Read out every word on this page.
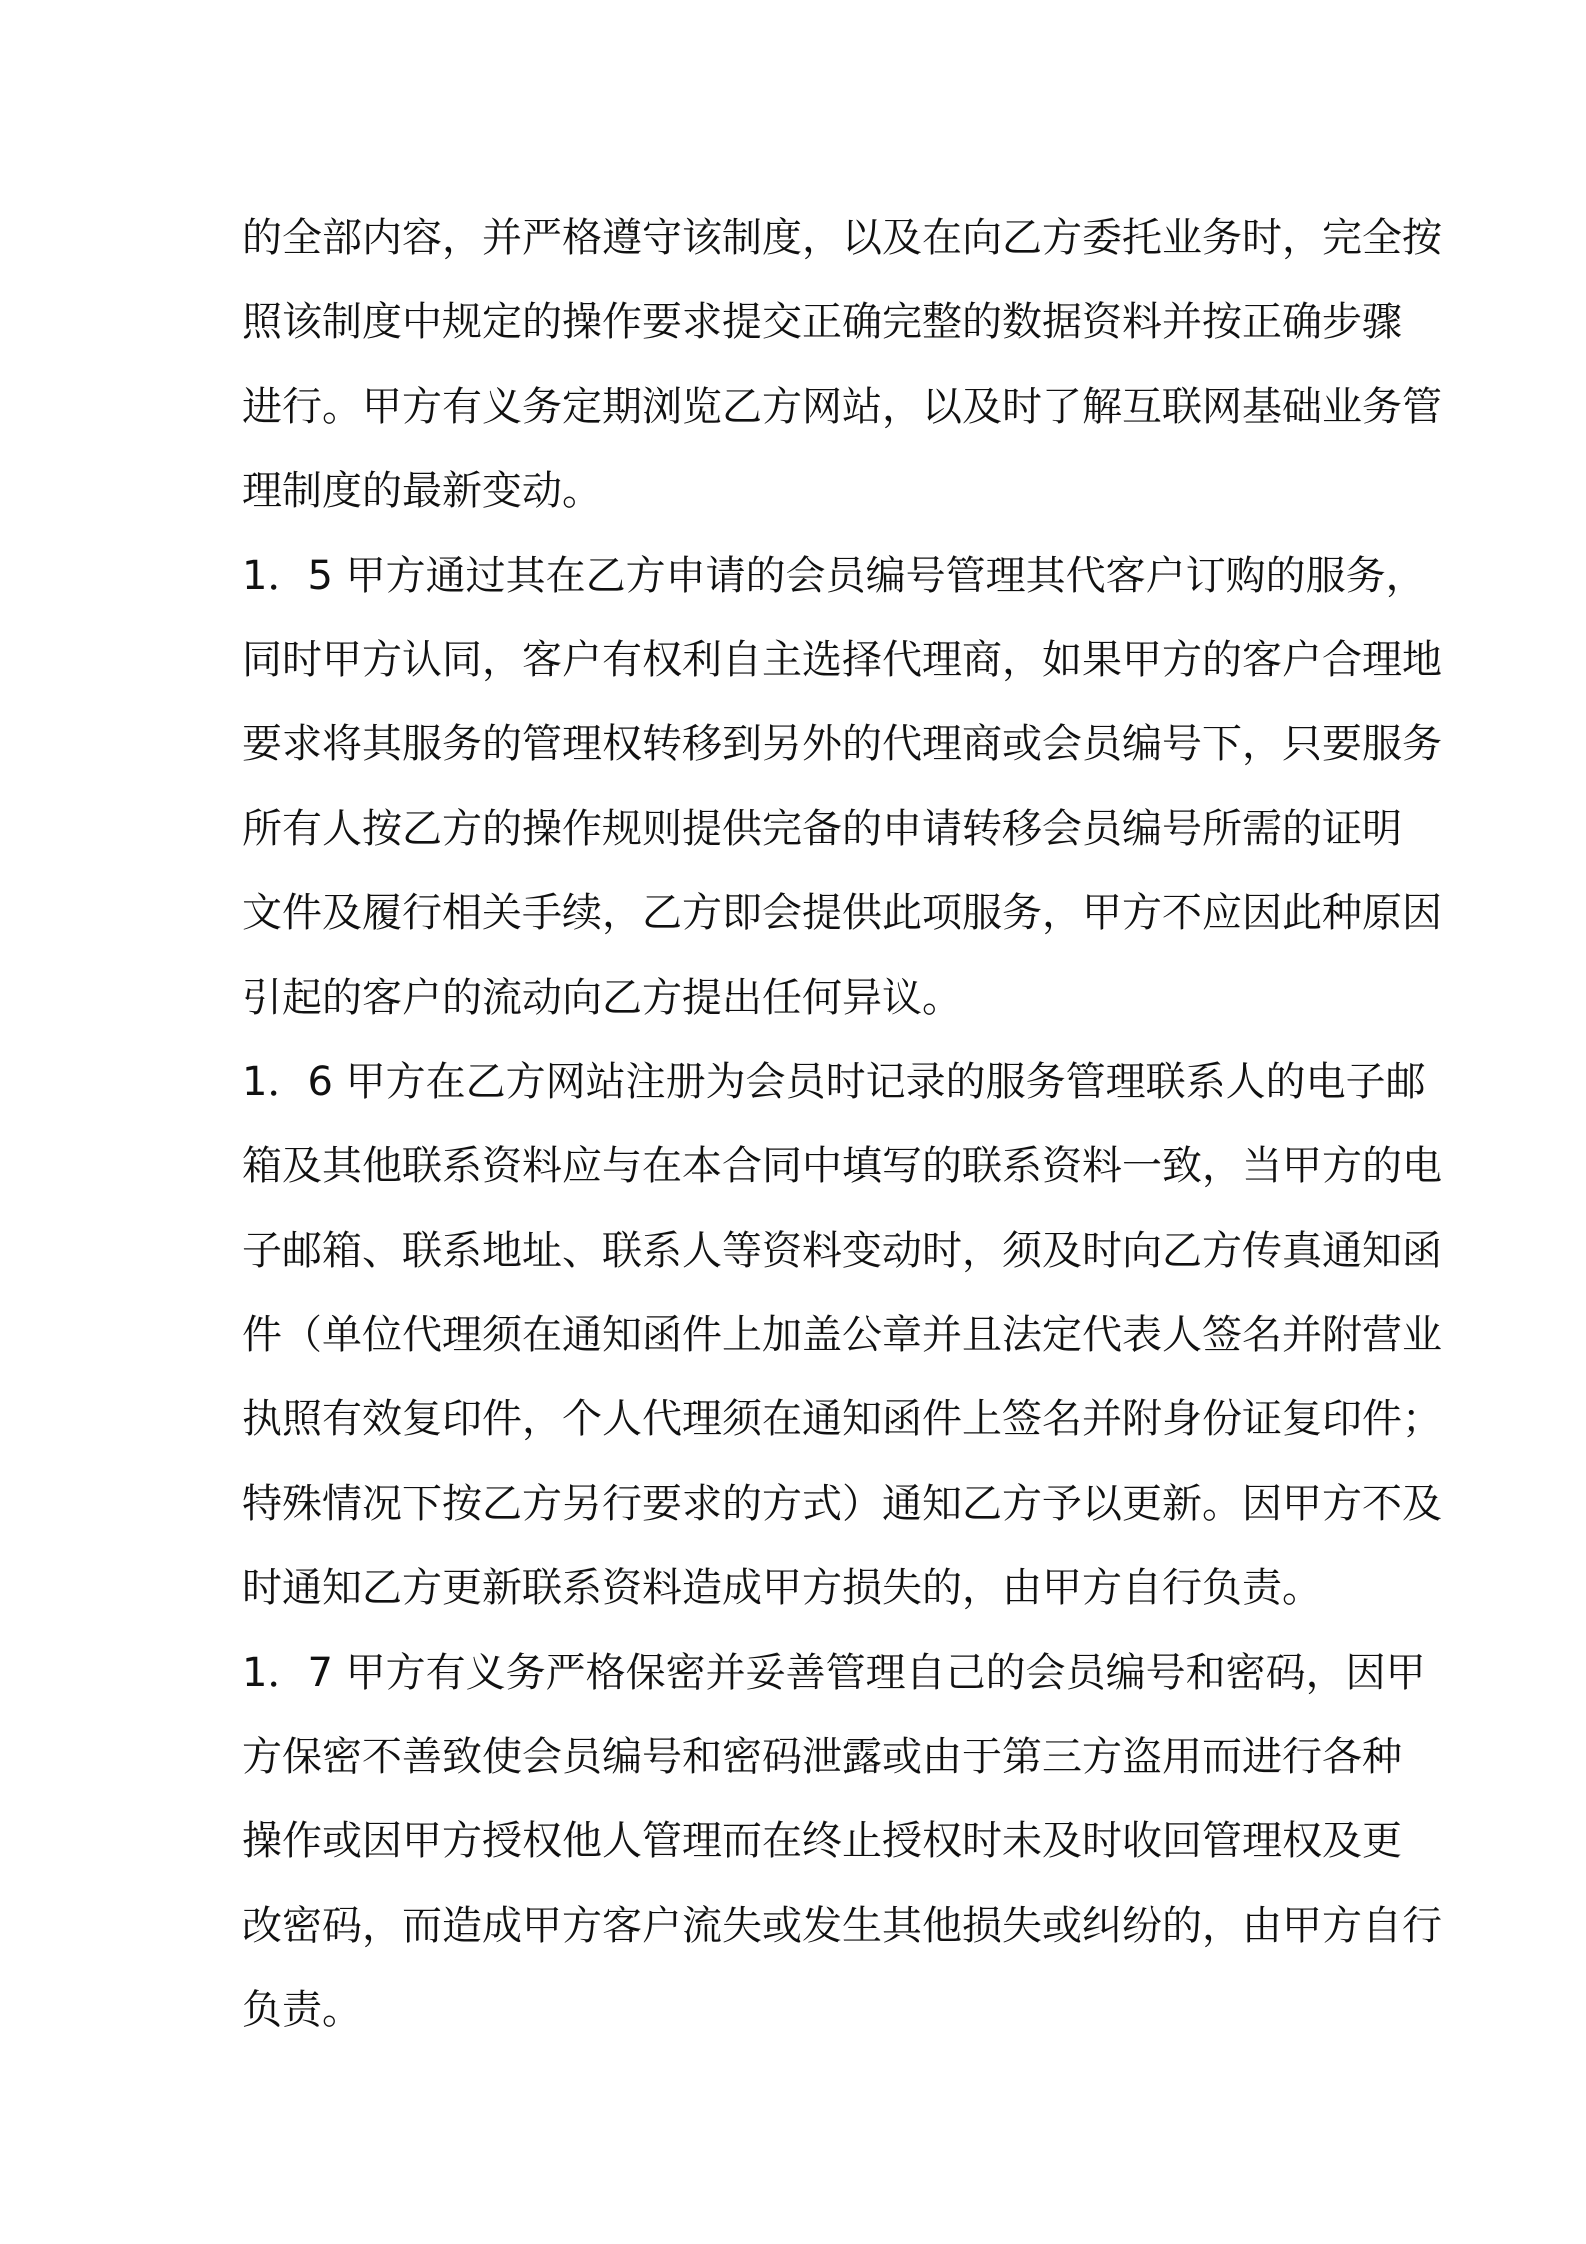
的全部内容，并严格遵守该制度，以及在向乙方委托业务时，完全按
照该制度中规定的操作要求提交正确完整的数据资料并按正确步骤
进行。甲方有义务定期浏览乙方网站，以及时了解互联网基础业务管
理制度的最新变动。
1．5 甲方通过其在乙方申请的会员编号管理其代客户订购的服务，
同时甲方认同，客户有权利自主选择代理商，如果甲方的客户合理地
要求将其服务的管理权转移到另外的代理商或会员编号下，只要服务
所有人按乙方的操作规则提供完备的申请转移会员编号所需的证明
文件及履行相关手续，乙方即会提供此项服务，甲方不应因此种原因
引起的客户的流动向乙方提出任何异议。
1．6 甲方在乙方网站注册为会员时记录的服务管理联系人的电子邮
箱及其他联系资料应与在本合同中填写的联系资料一致，当甲方的电
子邮箱、联系地址、联系人等资料变动时，须及时向乙方传真通知函
件（单位代理须在通知函件上加盖公章并且法定代表人签名并附营业
执照有效复印件，个人代理须在通知函件上签名并附身份证复印件；
特殊情况下按乙方另行要求的方式）通知乙方予以更新。因甲方不及
时通知乙方更新联系资料造成甲方损失的，由甲方自行负责。
1．7 甲方有义务严格保密并妥善管理自己的会员编号和密码，因甲
方保密不善致使会员编号和密码泄露或由于第三方盗用而进行各种
操作或因甲方授权他人管理而在终止授权时未及时收回管理权及更
改密码，而造成甲方客户流失或发生其他损失或纠纷的，由甲方自行
负责。
